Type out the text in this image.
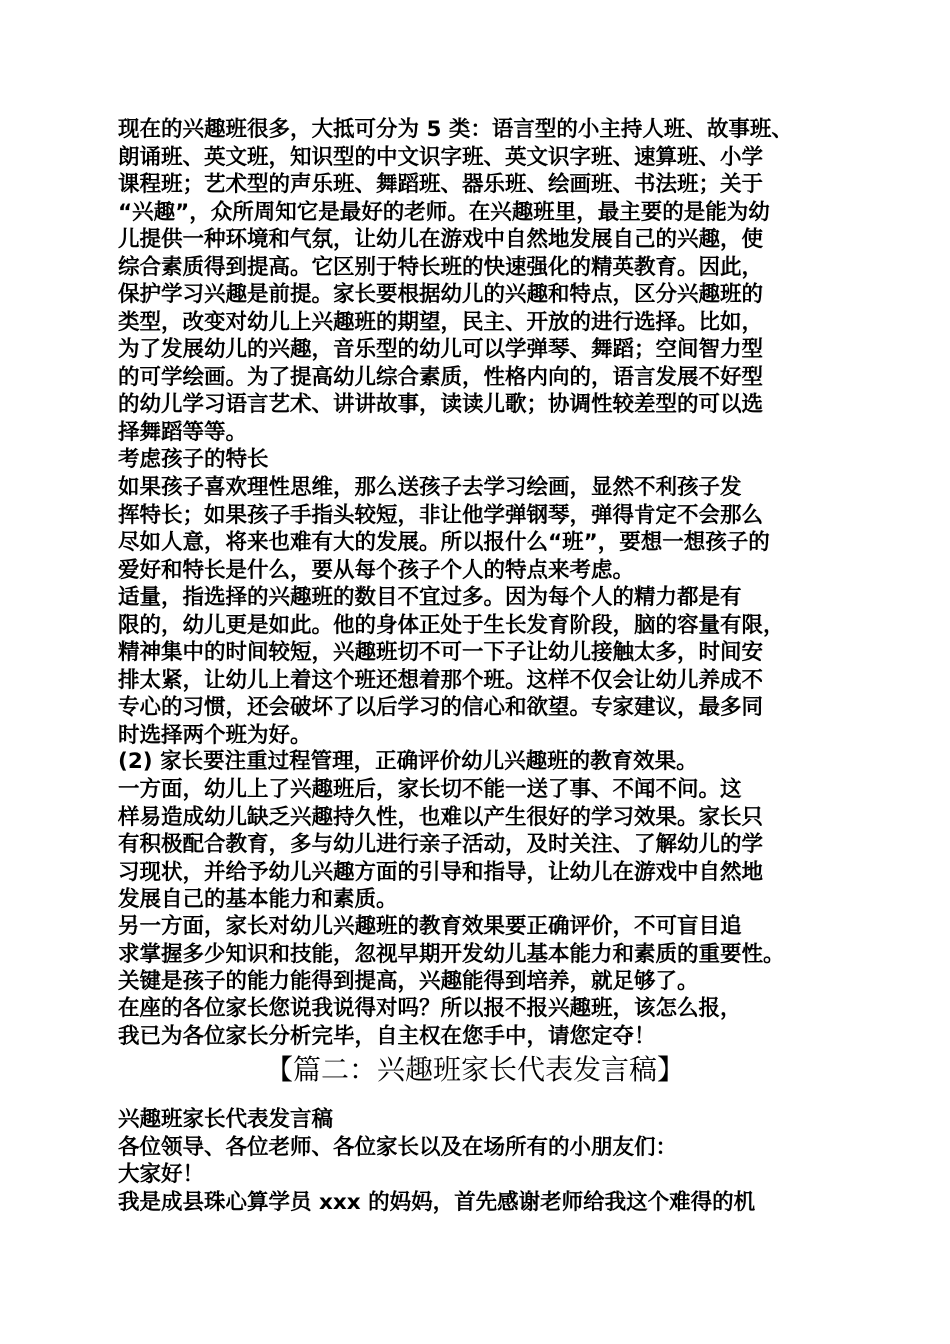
现在的兴趣班很多，大抵可分为 5 类：语言型的小主持人班、故事班、
朗诵班、英文班，知识型的中文识字班、英文识字班、速算班、小学
课程班；艺术型的声乐班、舞蹈班、器乐班、绘画班、书法班；关于
“兴趣”，众所周知它是最好的老师。在兴趣班里，最主要的是能为幼
儿提供一种环境和气氛，让幼儿在游戏中自然地发展自己的兴趣，使
综合素质得到提高。它区别于特长班的快速强化的精英教育。因此，
保护学习兴趣是前提。家长要根据幼儿的兴趣和特点，区分兴趣班的
类型，改变对幼儿上兴趣班的期望，民主、开放的进行选择。比如，
为了发展幼儿的兴趣，音乐型的幼儿可以学弹琴、舞蹈；空间智力型
的可学绘画。为了提高幼儿综合素质，性格内向的，语言发展不好型
的幼儿学习语言艺术、讲讲故事，读读儿歌；协调性较差型的可以选
择舞蹈等等。
考虑孩子的特长
如果孩子喜欢理性思维，那么送孩子去学习绘画，显然不利孩子发
挥特长；如果孩子手指头较短，非让他学弹钢琴，弹得肯定不会那么
尽如人意，将来也难有大的发展。所以报什么“班”，要想一想孩子的
爱好和特长是什么，要从每个孩子个人的特点来考虑。
适量，指选择的兴趣班的数目不宜过多。因为每个人的精力都是有
限的，幼儿更是如此。他的身体正处于生长发育阶段，脑的容量有限，
精神集中的时间较短，兴趣班切不可一下子让幼儿接触太多，时间安
排太紧，让幼儿上着这个班还想着那个班。这样不仅会让幼儿养成不
专心的习惯，还会破坏了以后学习的信心和欲望。专家建议，最多同
时选择两个班为好。
(2) 家长要注重过程管理，正确评价幼儿兴趣班的教育效果。
一方面，幼儿上了兴趣班后，家长切不能一送了事、不闻不问。这
样易造成幼儿缺乏兴趣持久性，也难以产生很好的学习效果。家长只
有积极配合教育，多与幼儿进行亲子活动，及时关注、了解幼儿的学
习现状，并给予幼儿兴趣方面的引导和指导，让幼儿在游戏中自然地
发展自己的基本能力和素质。
另一方面，家长对幼儿兴趣班的教育效果要正确评价，不可盲目追
求掌握多少知识和技能，忽视早期开发幼儿基本能力和素质的重要性。
关键是孩子的能力能得到提高，兴趣能得到培养，就足够了。
在座的各位家长您说我说得对吗？所以报不报兴趣班，该怎么报，
我已为各位家长分析完毕，自主权在您手中，请您定夺！
【篇二：兴趣班家长代表发言稿】
兴趣班家长代表发言稿
各位领导、各位老师、各位家长以及在场所有的小朋友们：
大家好！
我是成县珠心算学员 xxx 的妈妈，首先感谢老师给我这个难得的机
